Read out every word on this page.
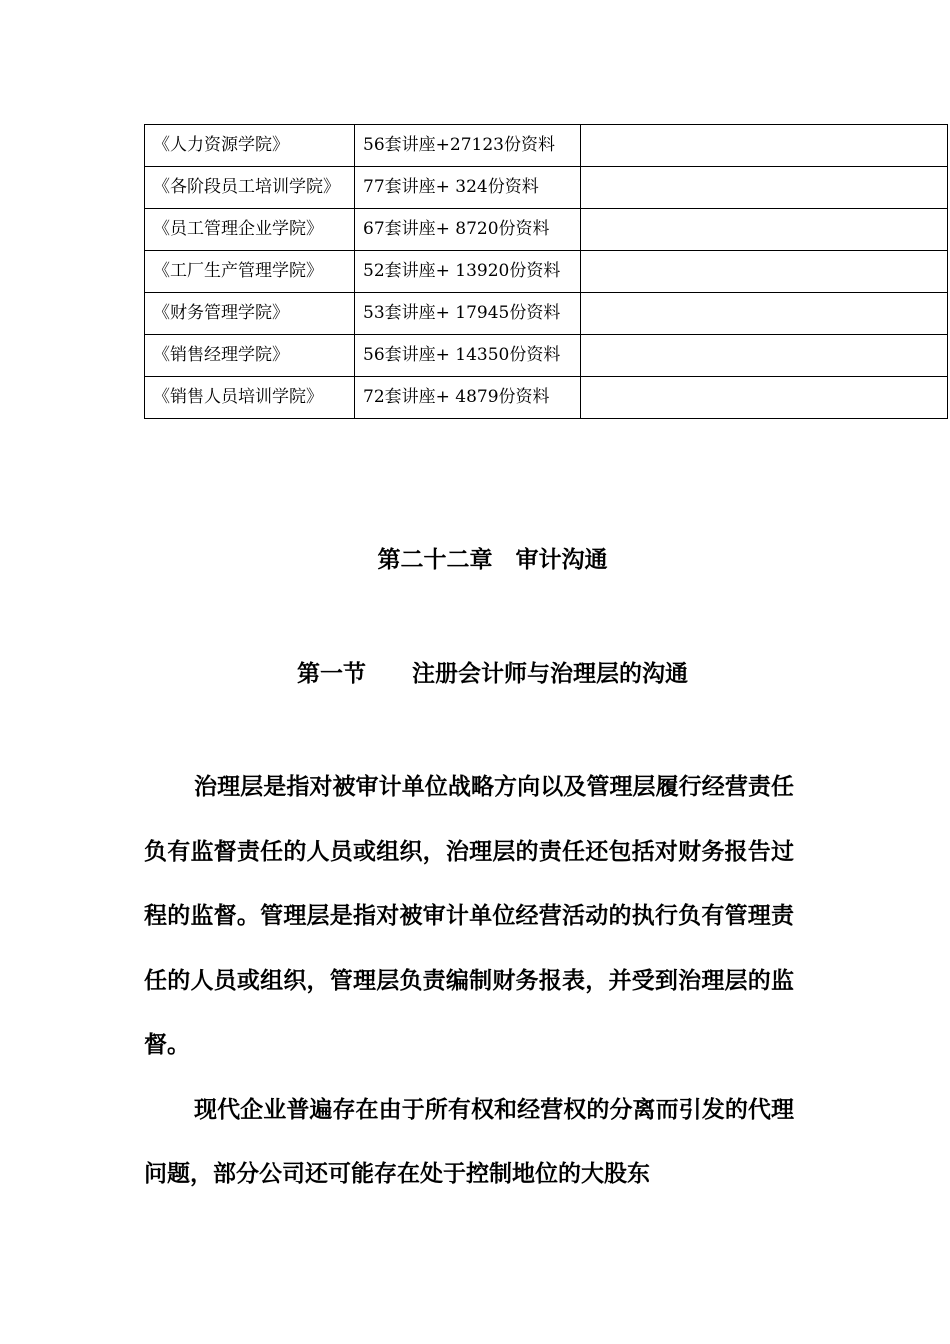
《人力资源学院》	56套讲座+27123份资料	
《各阶段员工培训学院》	77套讲座+ 324份资料	
《员工管理企业学院》	67套讲座+ 8720份资料	
《工厂生产管理学院》	52套讲座+ 13920份资料	
《财务管理学院》	53套讲座+ 17945份资料	
《销售经理学院》	56套讲座+ 14350份资料	
《销售人员培训学院》	72套讲座+ 4879份资料	
第二十二章　审计沟通
第一节　　注册会计师与治理层的沟通

治理层是指对被审计单位战略方向以及管理层履行经营责任负有监督责任的人员或组织，治理层的责任还包括对财务报告过程的监督。管理层是指对被审计单位经营活动的执行负有管理责任的人员或组织，管理层负责编制财务报表，并受到治理层的监督。

现代企业普遍存在由于所有权和经营权的分离而引发的代理问题，部分公司还可能存在处于控制地位的大股东
